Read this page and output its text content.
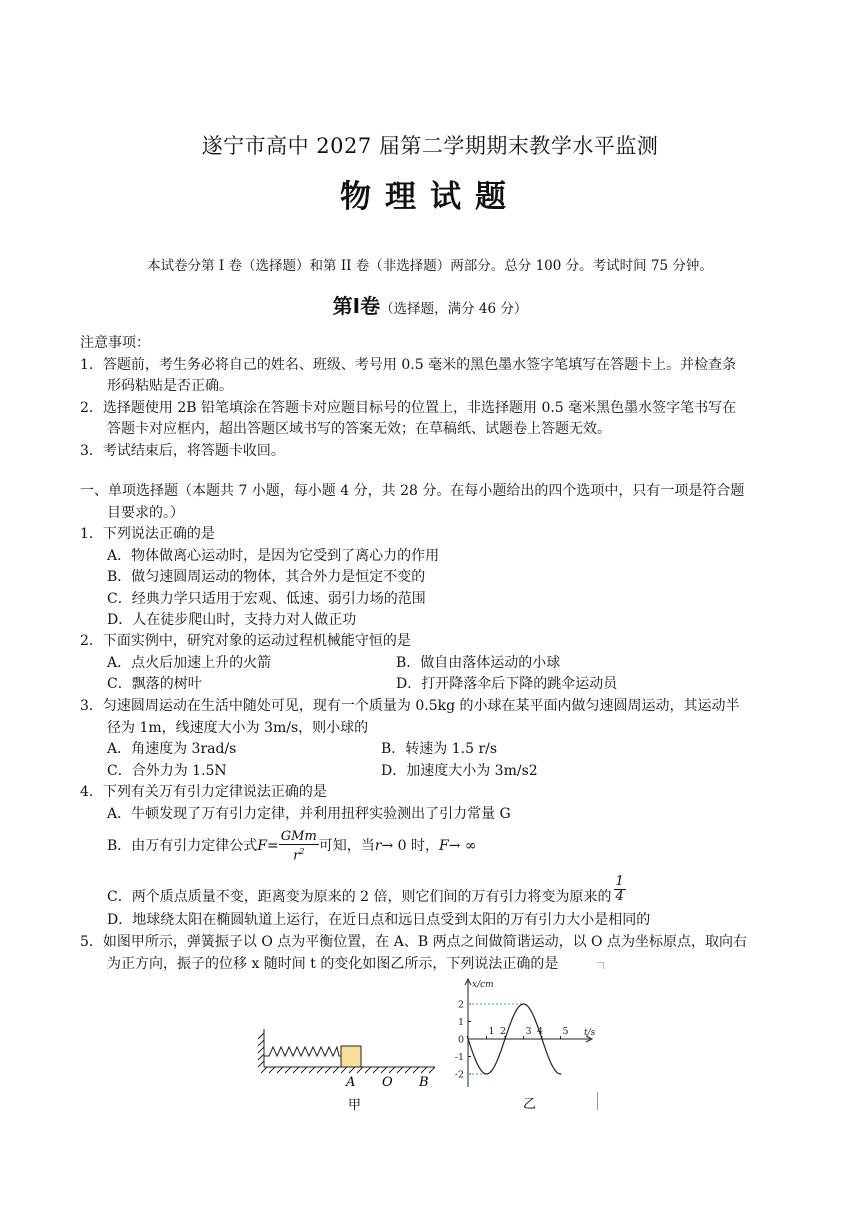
遂宁市高中 2027 届第二学期期末教学水平监测
物理试题
本试卷分第 I 卷（选择题）和第 II 卷（非选择题）两部分。总分 100 分。考试时间 75 分钟。
第Ⅰ卷（选择题，满分 46 分）
注意事项：
1．答题前，考生务必将自己的姓名、班级、考号用 0.5 毫米的黑色墨水签字笔填写在答题卡上。并检查条
形码粘贴是否正确。
2．选择题使用 2B 铅笔填涂在答题卡对应题目标号的位置上，非选择题用 0.5 毫米黑色墨水签字笔书写在
答题卡对应框内，超出答题区域书写的答案无效；在草稿纸、试题卷上答题无效。
3．考试结束后，将答题卡收回。
一、单项选择题（本题共 7 小题，每小题 4 分，共 28 分。在每小题给出的四个选项中，只有一项是符合题
目要求的。）
1．下列说法正确的是
A．物体做离心运动时，是因为它受到了离心力的作用
B．做匀速圆周运动的物体，其合外力是恒定不变的
C．经典力学只适用于宏观、低速、弱引力场的范围
D．人在徒步爬山时，支持力对人做正功
2．下面实例中，研究对象的运动过程机械能守恒的是
A．点火后加速上升的火箭	B．做自由落体运动的小球
C．飘落的树叶	D．打开降落伞后下降的跳伞运动员
3．匀速圆周运动在生活中随处可见，现有一个质量为 0.5kg 的小球在某平面内做匀速圆周运动，其运动半
径为 1m，线速度大小为 3m/s，则小球的
A．角速度为 3rad/s	B．转速为 1.5 r/s
C．合外力为 1.5N	D．加速度大小为 3m/s2
4．下列有关万有引力定律说法正确的是
A．牛顿发现了万有引力定律，并利用扭秤实验测出了引力常量 G
B．由万有引力定律公式 $F = \frac{\text{GMm}}{r^2}$ 可知，当 r → 0 时， F → ∞
C．两个质点质量不变，距离变为原来的 2 倍，则它们间的万有引力将变为原来的 $\frac{1}{4}$
D．地球绕太阳在椭圆轨道上运行，在近日点和远日点受到太阳的万有引力大小是相同的
5．如图甲所示，弹簧振子以 O 点为平衡位置，在 A、B 两点之间做简谐运动，以 O 点为坐标原点，取向右
为正方向，振子的位移 x 随时间 t 的变化如图乙所示，下列说法正确的是
A O B
甲
x/cm
t/s
2
1
0
-1
-2
1 2 3 4 5
乙
